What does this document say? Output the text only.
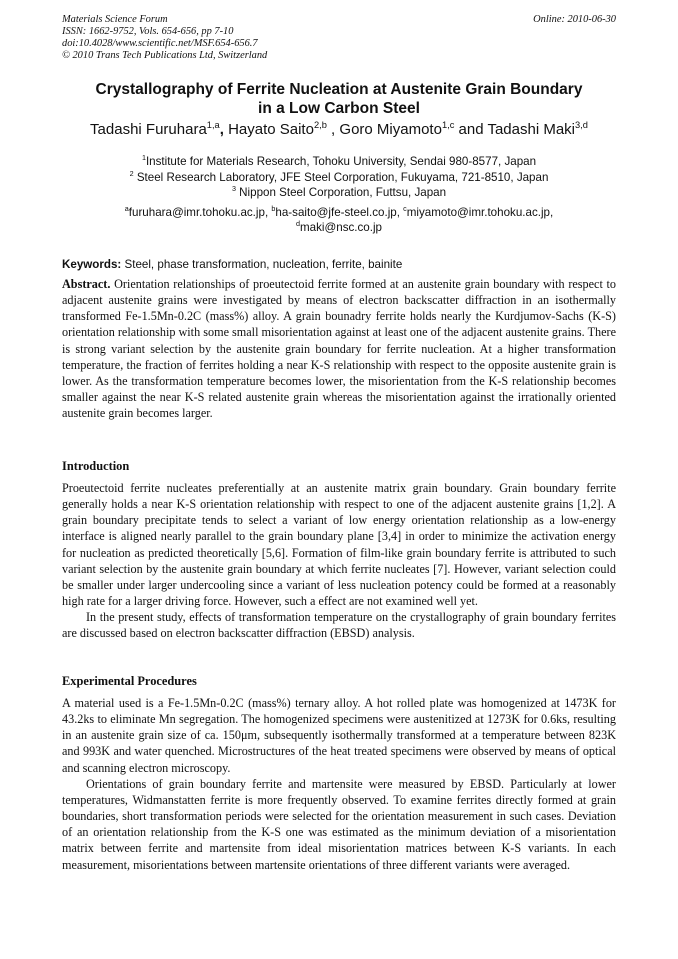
Materials Science Forum
ISSN: 1662-9752, Vols. 654-656, pp 7-10
doi:10.4028/www.scientific.net/MSF.654-656.7
© 2010 Trans Tech Publications Ltd, Switzerland
Online: 2010-06-30
Crystallography of Ferrite Nucleation at Austenite Grain Boundary
in a Low Carbon Steel
Tadashi Furuhara$^{1,a}$, Hayato Saito$^{2,b}$ , Goro Miyamoto$^{1,c}$ and Tadashi Maki$^{3,d}$
$^1$Institute for Materials Research, Tohoku University, Sendai 980-8577, Japan
$^2$ Steel Research Laboratory, JFE Steel Corporation, Fukuyama, 721-8510, Japan
$^3$ Nippon Steel Corporation, Futtsu, Japan
$^a$furuhara@imr.tohoku.ac.jp, $^b$ha-saito@jfe-steel.co.jp, $^c$miyamoto@imr.tohoku.ac.jp,
$^d$maki@nsc.co.jp
Keywords: Steel, phase transformation, nucleation, ferrite, bainite

Abstract. Orientation relationships of proeutectoid ferrite formed at an austenite grain boundary with respect to adjacent austenite grains were investigated by means of electron backscatter diffraction in an isothermally transformed Fe-1.5Mn-0.2C (mass%) alloy. A grain bounadry ferrite holds nearly the Kurdjumov-Sachs (K-S) orientation relationship with some small misorientation against at least one of the adjacent austenite grains. There is strong variant selection by the austenite grain boundary for ferrite nucleation. At a higher transformation temperature, the fraction of ferrites holding a near K-S relationship with respect to the opposite austenite grain is lower. As the transformation temperature becomes lower, the misorientation from the K-S relationship becomes smaller against the near K-S related austenite grain whereas the misorientation against the irrationally oriented austenite grain becomes larger.

Introduction

Proeutectoid ferrite nucleates preferentially at an austenite matrix grain boundary. Grain boundary ferrite generally holds a near K-S orientation relationship with respect to one of the adjacent austenite grains [1,2]. A grain boundary precipitate tends to select a variant of low energy orientation relationship as a low-energy interface is aligned nearly parallel to the grain boundary plane [3,4] in order to minimize the activation energy for nucleation as predicted theoretically [5,6]. Formation of film-like grain boundary ferrite is attributed to such variant selection by the austenite grain boundary at which ferrite nucleates [7]. However, variant selection could be smaller under larger undercooling since a variant of less nucleation potency could be formed at a reasonably high rate for a larger driving force. However, such a effect are not examined well yet.

In the present study, effects of transformation temperature on the crystallography of grain boundary ferrites are discussed based on electron backscatter diffraction (EBSD) analysis.

Experimental Procedures

A material used is a Fe-1.5Mn-0.2C (mass%) ternary alloy. A hot rolled plate was homogenized at 1473K for 43.2ks to eliminate Mn segregation. The homogenized specimens were austenitized at 1273K for 0.6ks, resulting in an austenite grain size of ca. 150μm, subsequently isothermally transformed at a temperature between 823K and 993K and water quenched. Microstructures of the heat treated specimens were observed by means of optical and scanning electron microscopy.

Orientations of grain boundary ferrite and martensite were measured by EBSD. Particularly at lower temperatures, Widmanstatten ferrite is more frequently observed. To examine ferrites directly formed at grain boundaries, short transformation periods were selected for the orientation measurement in such cases. Deviation of an orientation relationship from the K-S one was estimated as the minimum deviation of a misorientation matrix between ferrite and martensite from ideal misorientation matrices between K-S variants. In each measurement, misorientations between martensite orientations of three different variants were averaged.
